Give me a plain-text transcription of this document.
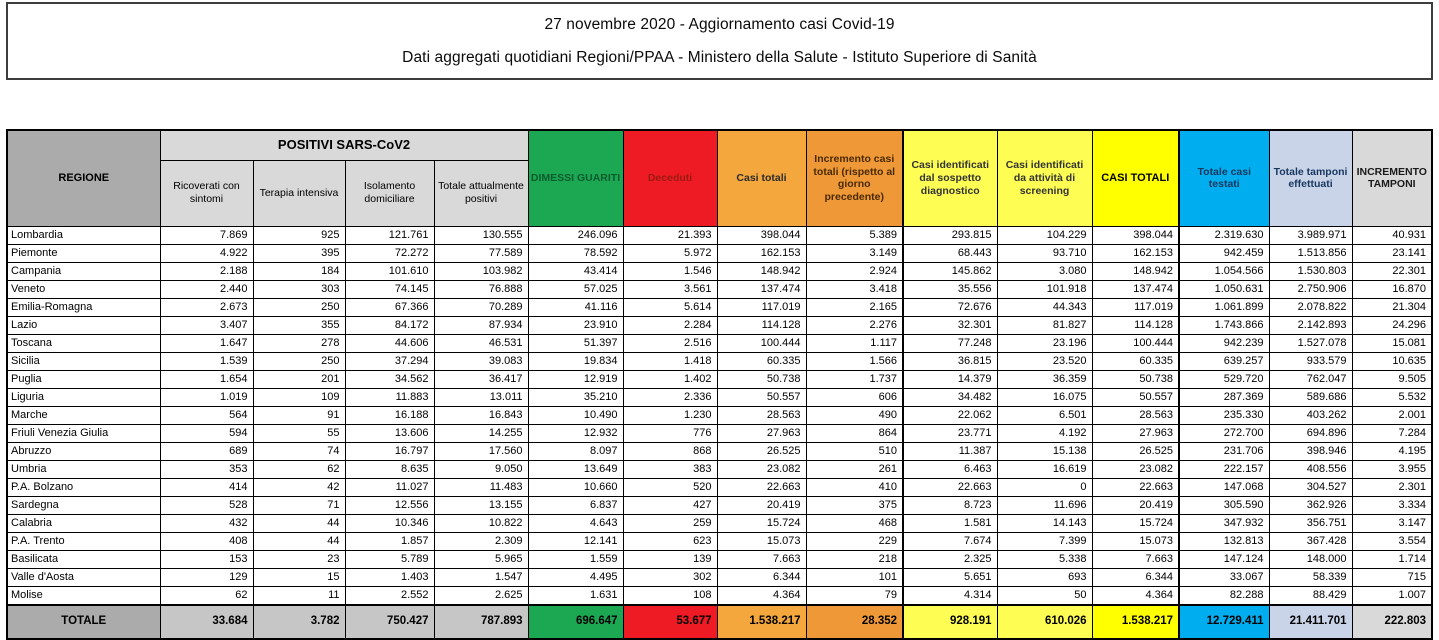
27 novembre 2020 - Aggiornamento casi Covid-19
Dati aggregati quotidiani Regioni/PPAA - Ministero della Salute - Istituto Superiore di Sanità
REGIONE	POSITIVI SARS-CoV2				DIMESSI GUARITI	Deceduti	Casi totali	Incremento casi totali (rispetto al giorno precedente)	Casi identificati dal sospetto diagnostico	Casi identificati da attività di screening	CASI TOTALI	Totale casi testati	Totale tamponi effettuati	INCREMENTO TAMPONI
	Ricoverati con sintomi	Terapia intensiva	Isolamento domiciliare	Totale attualmente positivi										
Lombardia	7.869	925	121.761	130.555	246.096	21.393	398.044	5.389	293.815	104.229	398.044	2.319.630	3.989.971	40.931
Piemonte	4.922	395	72.272	77.589	78.592	5.972	162.153	3.149	68.443	93.710	162.153	942.459	1.513.856	23.141
Campania	2.188	184	101.610	103.982	43.414	1.546	148.942	2.924	145.862	3.080	148.942	1.054.566	1.530.803	22.301
Veneto	2.440	303	74.145	76.888	57.025	3.561	137.474	3.418	35.556	101.918	137.474	1.050.631	2.750.906	16.870
Emilia-Romagna	2.673	250	67.366	70.289	41.116	5.614	117.019	2.165	72.676	44.343	117.019	1.061.899	2.078.822	21.304
Lazio	3.407	355	84.172	87.934	23.910	2.284	114.128	2.276	32.301	81.827	114.128	1.743.866	2.142.893	24.296
Toscana	1.647	278	44.606	46.531	51.397	2.516	100.444	1.117	77.248	23.196	100.444	942.239	1.527.078	15.081
Sicilia	1.539	250	37.294	39.083	19.834	1.418	60.335	1.566	36.815	23.520	60.335	639.257	933.579	10.635
Puglia	1.654	201	34.562	36.417	12.919	1.402	50.738	1.737	14.379	36.359	50.738	529.720	762.047	9.505
Liguria	1.019	109	11.883	13.011	35.210	2.336	50.557	606	34.482	16.075	50.557	287.369	589.686	5.532
Marche	564	91	16.188	16.843	10.490	1.230	28.563	490	22.062	6.501	28.563	235.330	403.262	2.001
Friuli Venezia Giulia	594	55	13.606	14.255	12.932	776	27.963	864	23.771	4.192	27.963	272.700	694.896	7.284
Abruzzo	689	74	16.797	17.560	8.097	868	26.525	510	11.387	15.138	26.525	231.706	398.946	4.195
Umbria	353	62	8.635	9.050	13.649	383	23.082	261	6.463	16.619	23.082	222.157	408.556	3.955
P.A. Bolzano	414	42	11.027	11.483	10.660	520	22.663	410	22.663	0	22.663	147.068	304.527	2.301
Sardegna	528	71	12.556	13.155	6.837	427	20.419	375	8.723	11.696	20.419	305.590	362.926	3.334
Calabria	432	44	10.346	10.822	4.643	259	15.724	468	1.581	14.143	15.724	347.932	356.751	3.147
P.A. Trento	408	44	1.857	2.309	12.141	623	15.073	229	7.674	7.399	15.073	132.813	367.428	3.554
Basilicata	153	23	5.789	5.965	1.559	139	7.663	218	2.325	5.338	7.663	147.124	148.000	1.714
Valle d'Aosta	129	15	1.403	1.547	4.495	302	6.344	101	5.651	693	6.344	33.067	58.339	715
Molise	62	11	2.552	2.625	1.631	108	4.364	79	4.314	50	4.364	82.288	88.429	1.007
TOTALE	33.684	3.782	750.427	787.893	696.647	53.677	1.538.217	28.352	928.191	610.026	1.538.217	12.729.411	21.411.701	222.803
